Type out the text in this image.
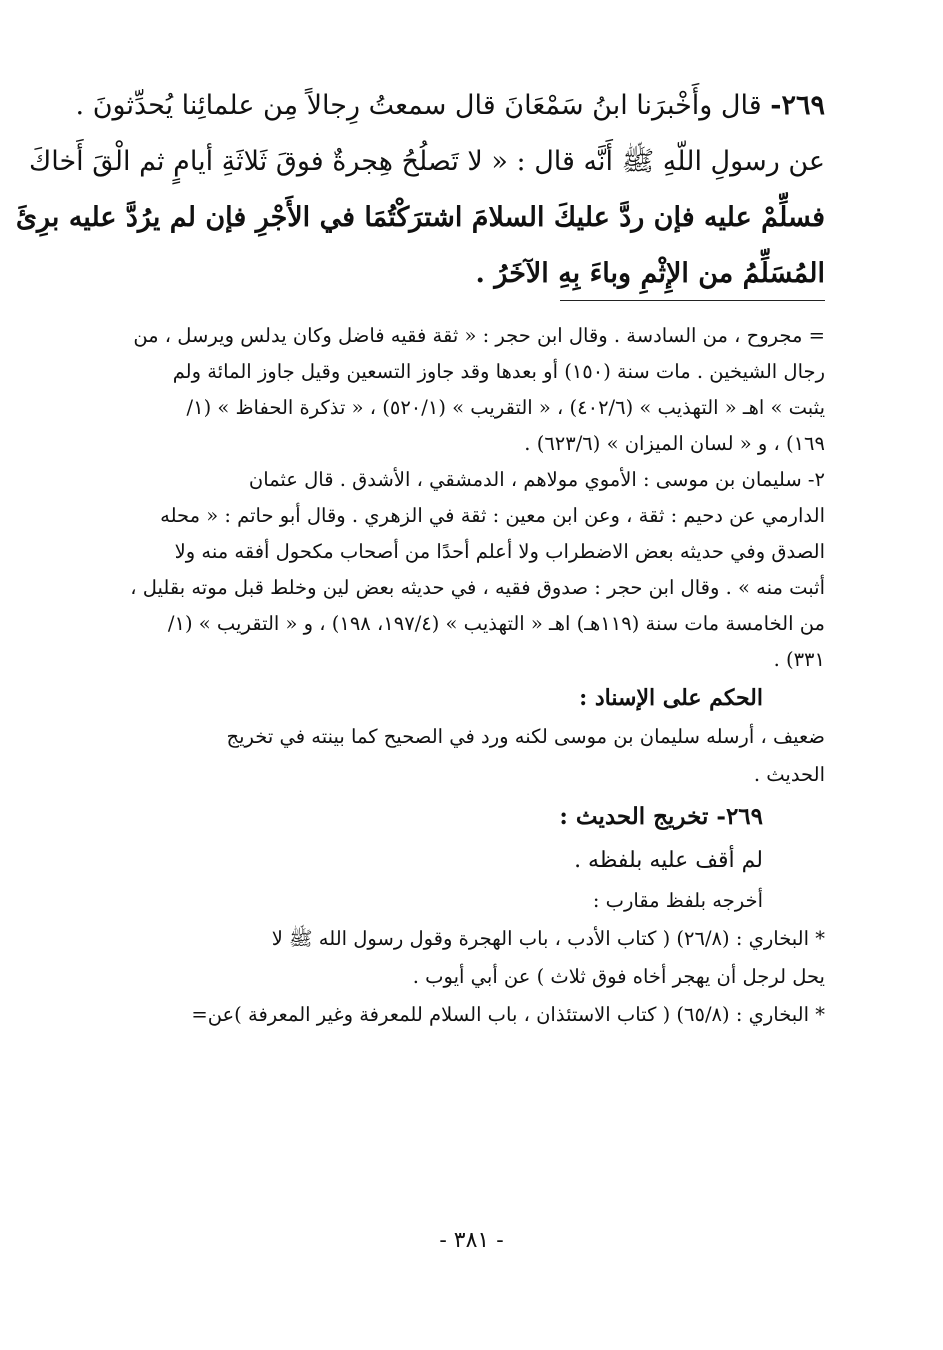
٢٦٩- قال وأَخْبرَنا ابنُ سَمْعَانَ قال سمعتُ رِجالاً مِن علمائِنا يُحدِّثونَ .
عن رسولِ اللّهِ ﷺ أَنَّه قال : « لا تَصلُحُ هِجرةٌ فوقَ ثَلاثَةِ أيامٍ ثم الْقَ أَخاكَ
فسلِّمْ عليه فإن ردَّ عليكَ السلامَ اشترَكْتُمَا في الأَجْرِ فإن لم يرُدَّ عليه برِئَ
المُسَلِّمُ من الإِثْمِ وباءَ بِهِ الآخَرُ .
= مجروح ، من السادسة . وقال ابن حجر : « ثقة فقيه فاضل وكان يدلس ويرسل ، من
رجال الشيخين . مات سنة (١٥٠) أو بعدها وقد جاوز التسعين وقيل جاوز المائة ولم
يثبت » اهـ « التهذيب » (٤٠٢/٦) ، « التقريب » (٥٢٠/١) ، « تذكرة الحفاظ » (١/
١٦٩) ، و « لسان الميزان » (٦٢٣/٦) .
٢- سليمان بن موسى : الأموي مولاهم ، الدمشقي ، الأشدق . قال عثمان
الدارمي عن دحيم : ثقة ، وعن ابن معين : ثقة في الزهري . وقال أبو حاتم : « محله
الصدق وفي حديثه بعض الاضطراب ولا أعلم أحدًا من أصحاب مكحول أفقه منه ولا
أثبت منه » . وقال ابن حجر : صدوق فقيه ، في حديثه بعض لين وخلط قبل موته بقليل ،
من الخامسة مات سنة (١١٩هـ) اهـ « التهذيب » (١٩٧/٤، ١٩٨) ، و « التقريب » (١/
٣٣١) .
الحكم على الإسناد :
ضعيف ، أرسله سليمان بن موسى لكنه ورد في الصحيح كما بينته في تخريج
الحديث .
٢٦٩- تخريج الحديث :
لم أقف عليه بلفظه .
أخرجه بلفظ مقارب :
* البخاري : (٢٦/٨) ( كتاب الأدب ، باب الهجرة وقول رسول الله ﷺ لا
يحل لرجل أن يهجر أخاه فوق ثلاث ) عن أبي أيوب .
* البخاري : (٦٥/٨) ( كتاب الاستئذان ، باب السلام للمعرفة وغير المعرفة )عن=
- ٣٨١ -
